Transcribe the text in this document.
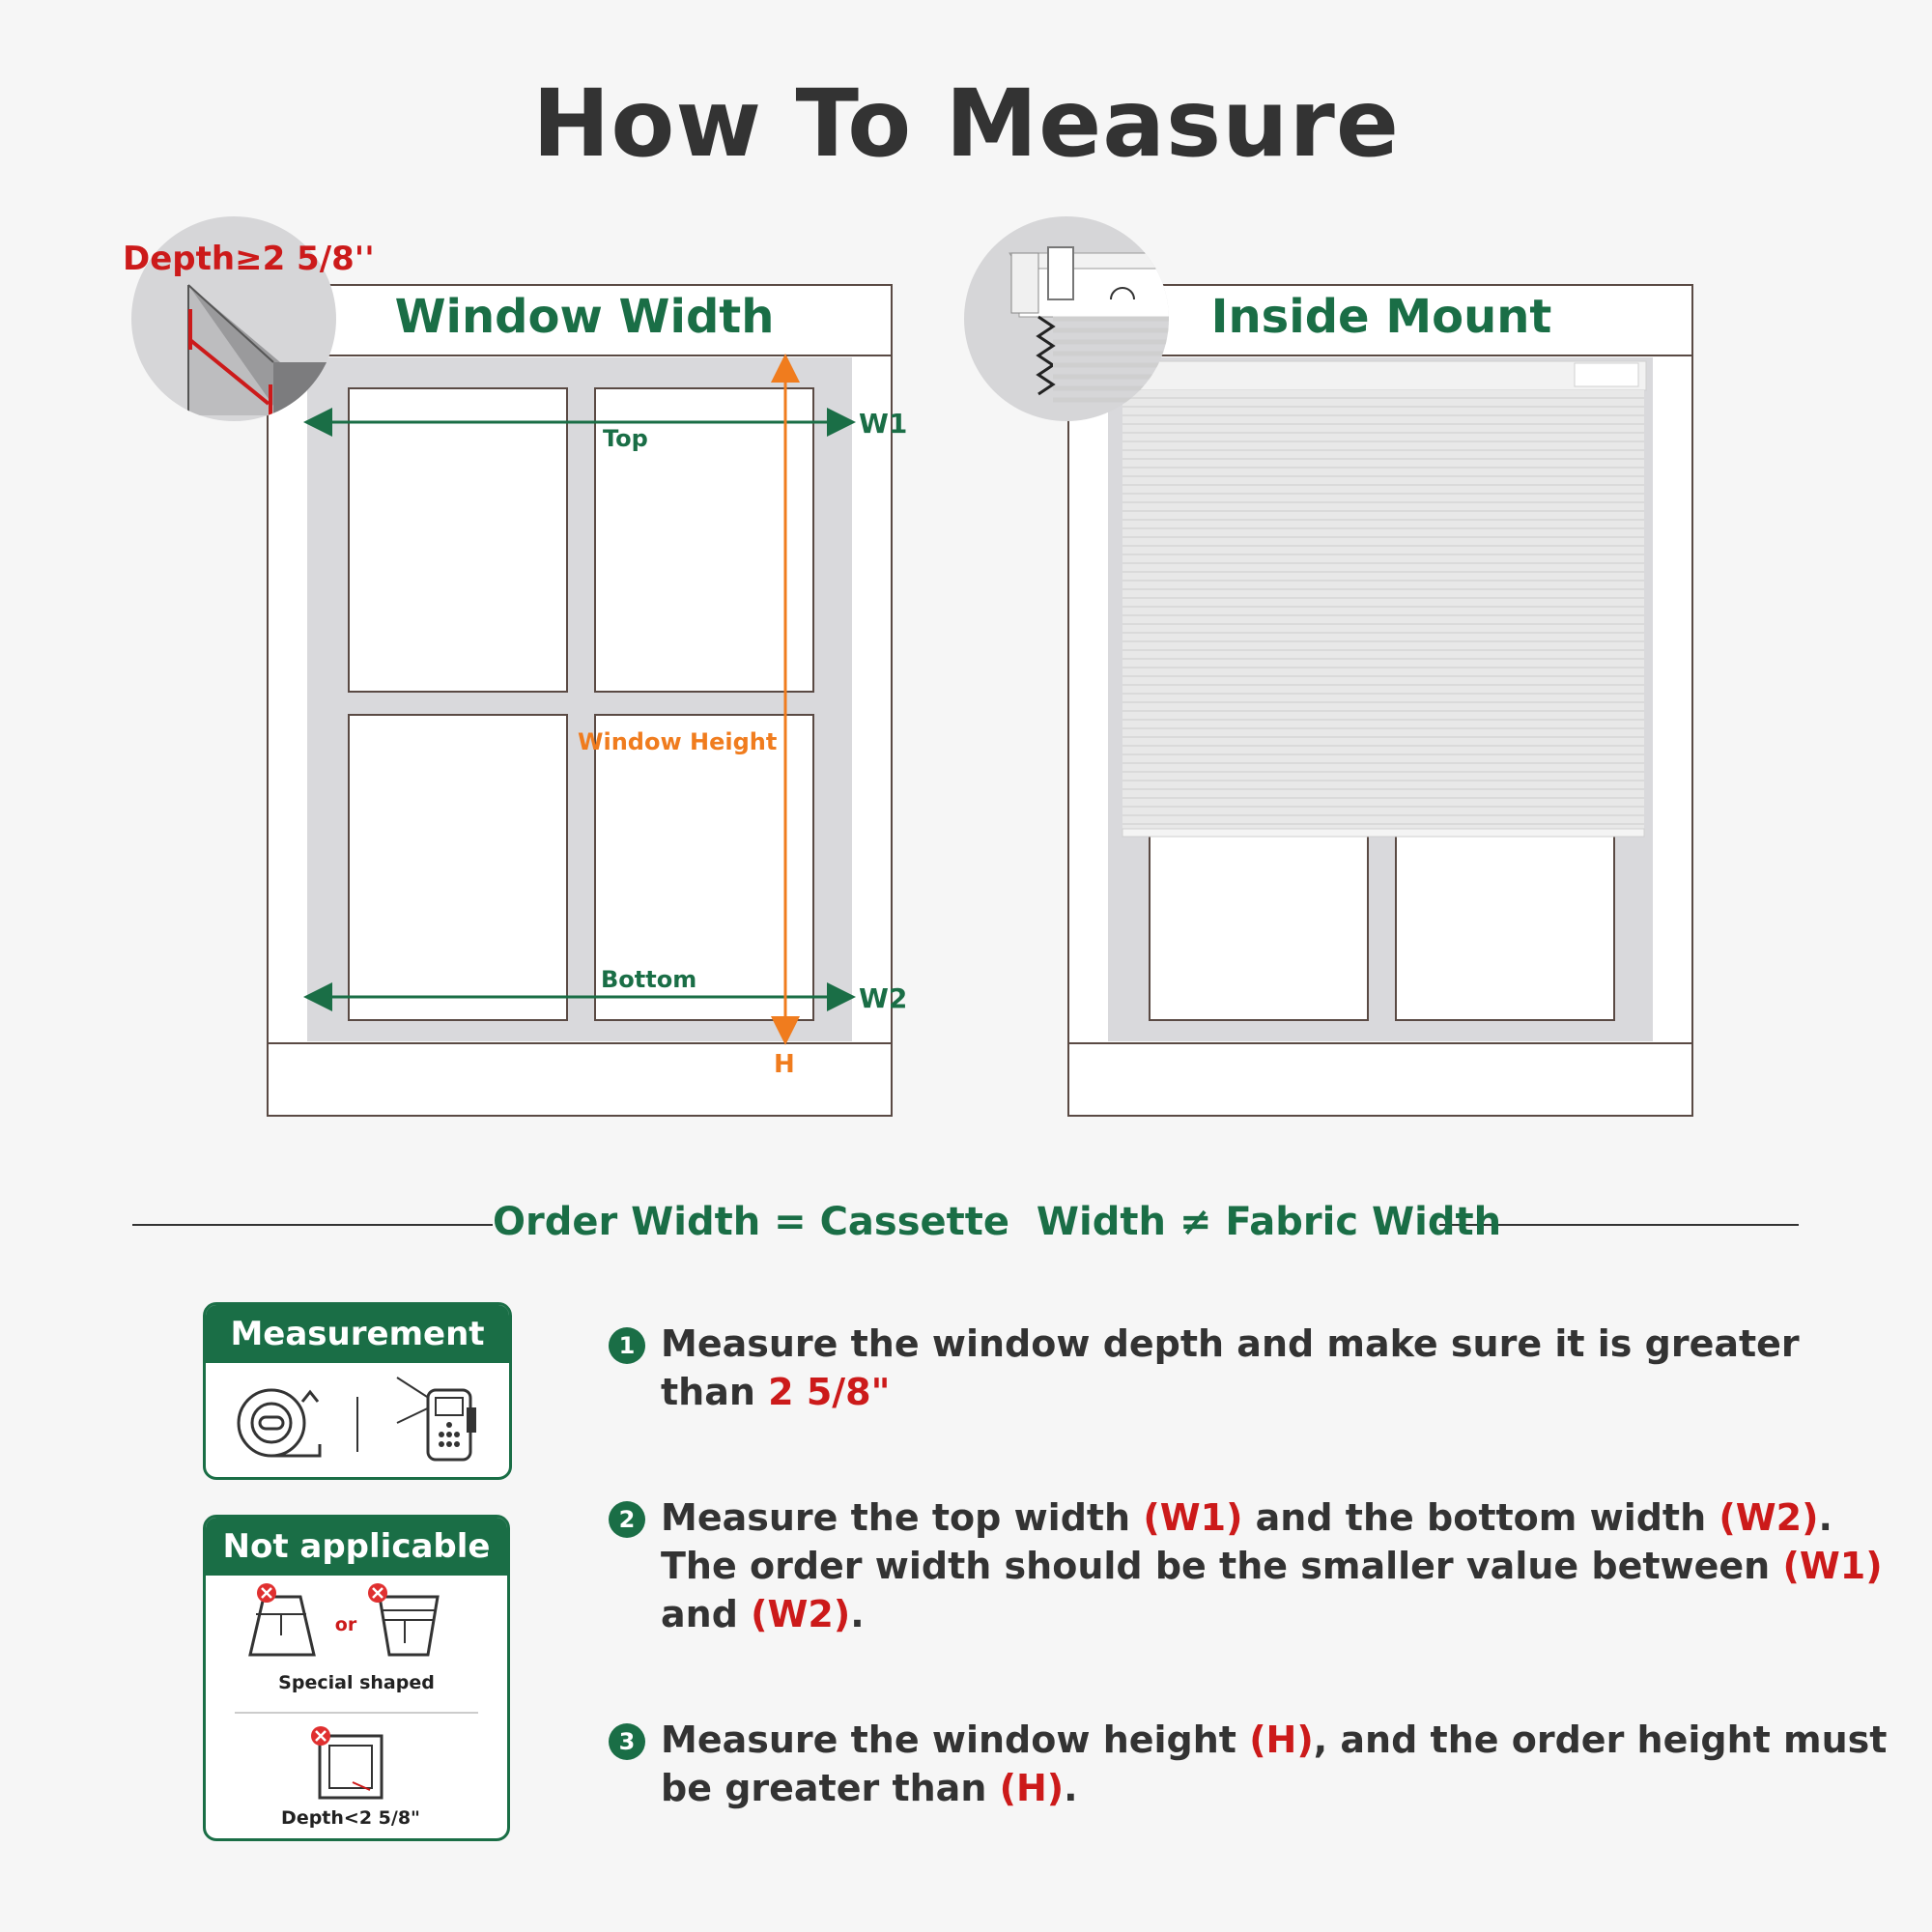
How To Measure
Depth≥2 5/8''
Window Width
Top
Bottom
W1
W2
Window Height
H
Inside Mount
Order Width = Cassette  Width ≠ Fabric Width
Measurement
Not applicable
or
Special shaped
Depth<2 5/8"
1 Measure the window depth and make sure it is greater than 2 5/8"
2 Measure the top width (W1) and the bottom width (W2). The order width should be the smaller value between (W1) and (W2).
3 Measure the window height (H), and the order height must be greater than (H).
